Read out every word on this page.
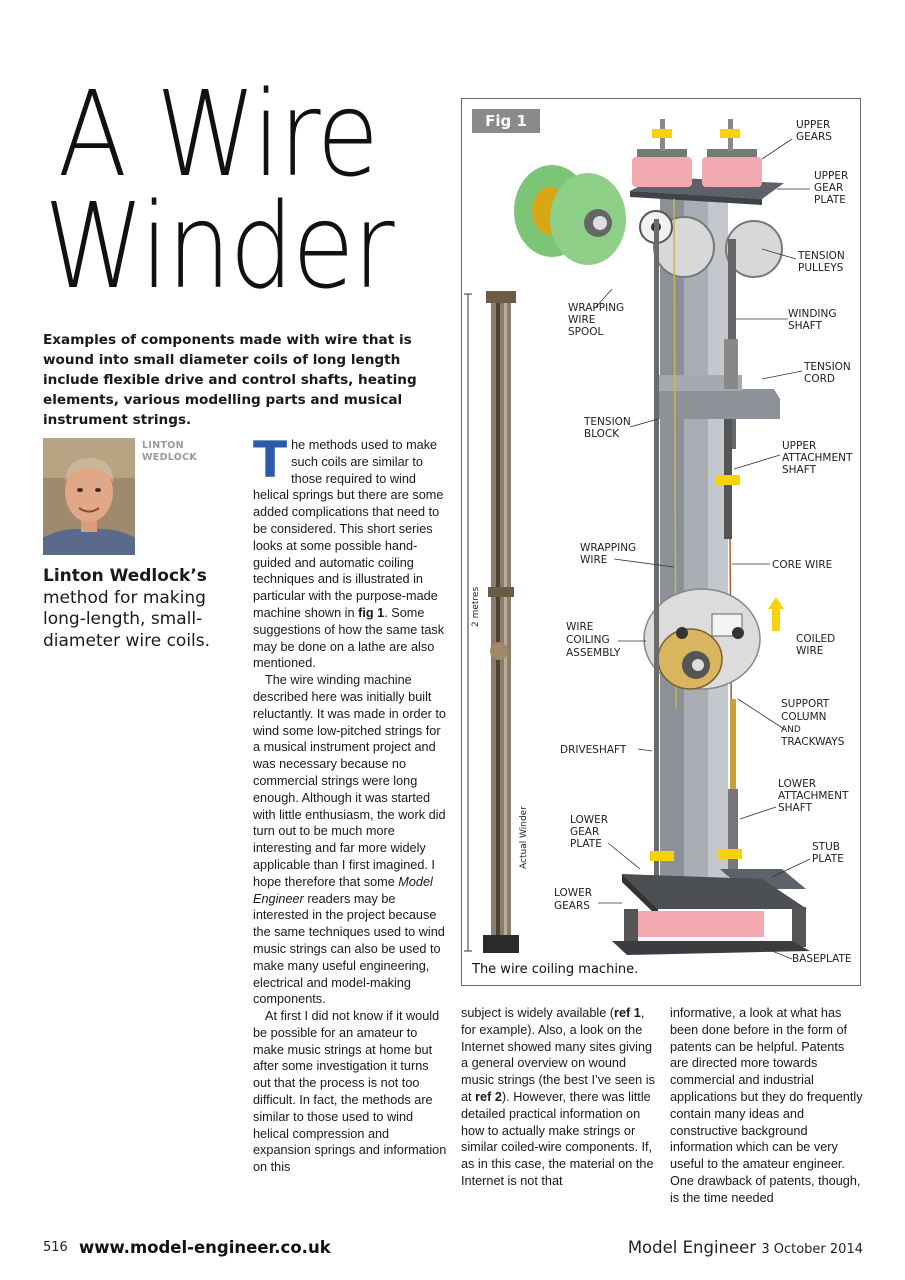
A Wire
Winder

Examples of components made with wire that is wound into small diameter coils of long length include flexible drive and control shafts, heating elements, various modelling parts and musical instrument strings.

LINTON
WEDLOCK

Linton Wedlock’s method for making long-length, small-diameter wire coils.

The methods used to make such coils are similar to those required to wind helical springs but there are some added complications that need to be considered. This short series looks at some possible hand-guided and automatic coiling techniques and is illustrated in particular with the purpose-made machine shown in fig 1. Some suggestions of how the same task may be done on a lathe are also mentioned.

The wire winding machine described here was initially built reluctantly. It was made in order to wind some low-pitched strings for a musical instrument project and was necessary because no commercial strings were long enough. Although it was started with little enthusiasm, the work did turn out to be much more interesting and far more widely applicable than I first imagined. I hope therefore that some Model Engineer readers may be interested in the project because the same techniques used to wind music strings can also be used to make many useful engineering, electrical and model-making components.

At first I did not know if it would be possible for an amateur to make music strings at home but after some investigation it turns out that the process is not too difficult. In fact, the methods are similar to those used to wind helical compression and expansion springs and information on this

subject is widely available (ref 1, for example). Also, a look on the Internet showed many sites giving a general overview on wound music strings (the best I’ve seen is at ref 2). However, there was little detailed practical information on how to actually make strings or similar coiled-wire components. If, as in this case, the material on the Internet is not that

informative, a look at what has been done before in the form of patents can be helpful. Patents are directed more towards commercial and industrial applications but they do frequently contain many ideas and constructive background information which can be very useful to the amateur engineer. One drawback of patents, though, is the time needed

2 metres
Actual Winder
UPPER
GEARS
UPPER
GEAR
PLATE
TENSION
PULLEYS
WRAPPING
WIRE
SPOOL
WINDING
SHAFT
TENSION
CORD
TENSION
BLOCK
UPPER
ATTACHMENT
SHAFT
WRAPPING
WIRE	CORE WIRE
WIRE
COILING
ASSEMBLY
COILED
WIRE
SUPPORT
COLUMN
AND
TRACKWAYS
DRIVESHAFT
LOWER
ATTACHMENT
SHAFT
LOWER
GEAR
PLATE	STUB
PLATE
LOWER
GEARS
BASEPLATE
Fig 1
The wire coiling machine.
516 www.model-engineer.co.uk	Model Engineer 3 October 2014
